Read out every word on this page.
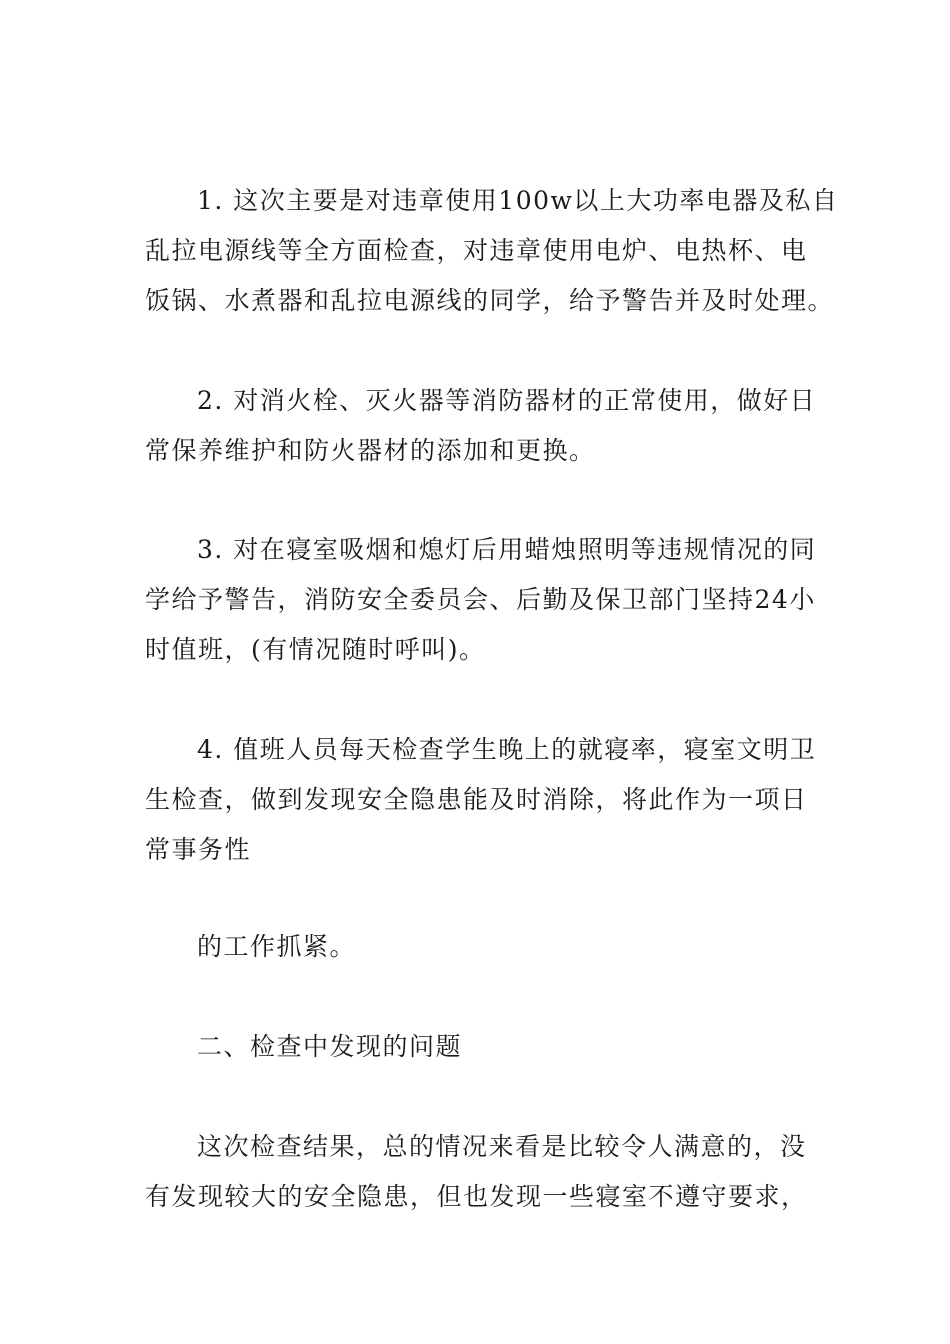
1. 这次主要是对违章使用100w以上大功率电器及私自
乱拉电源线等全方面检查，对违章使用电炉、电热杯、电
饭锅、水煮器和乱拉电源线的同学，给予警告并及时处理。
2. 对消火栓、灭火器等消防器材的正常使用，做好日
常保养维护和防火器材的添加和更换。
3. 对在寝室吸烟和熄灯后用蜡烛照明等违规情况的同
学给予警告，消防安全委员会、后勤及保卫部门坚持24小
时值班，(有情况随时呼叫)。
4. 值班人员每天检查学生晚上的就寝率，寝室文明卫
生检查，做到发现安全隐患能及时消除，将此作为一项日
常事务性
的工作抓紧。
二、检查中发现的问题
这次检查结果，总的情况来看是比较令人满意的，没
有发现较大的安全隐患，但也发现一些寝室不遵守要求，
